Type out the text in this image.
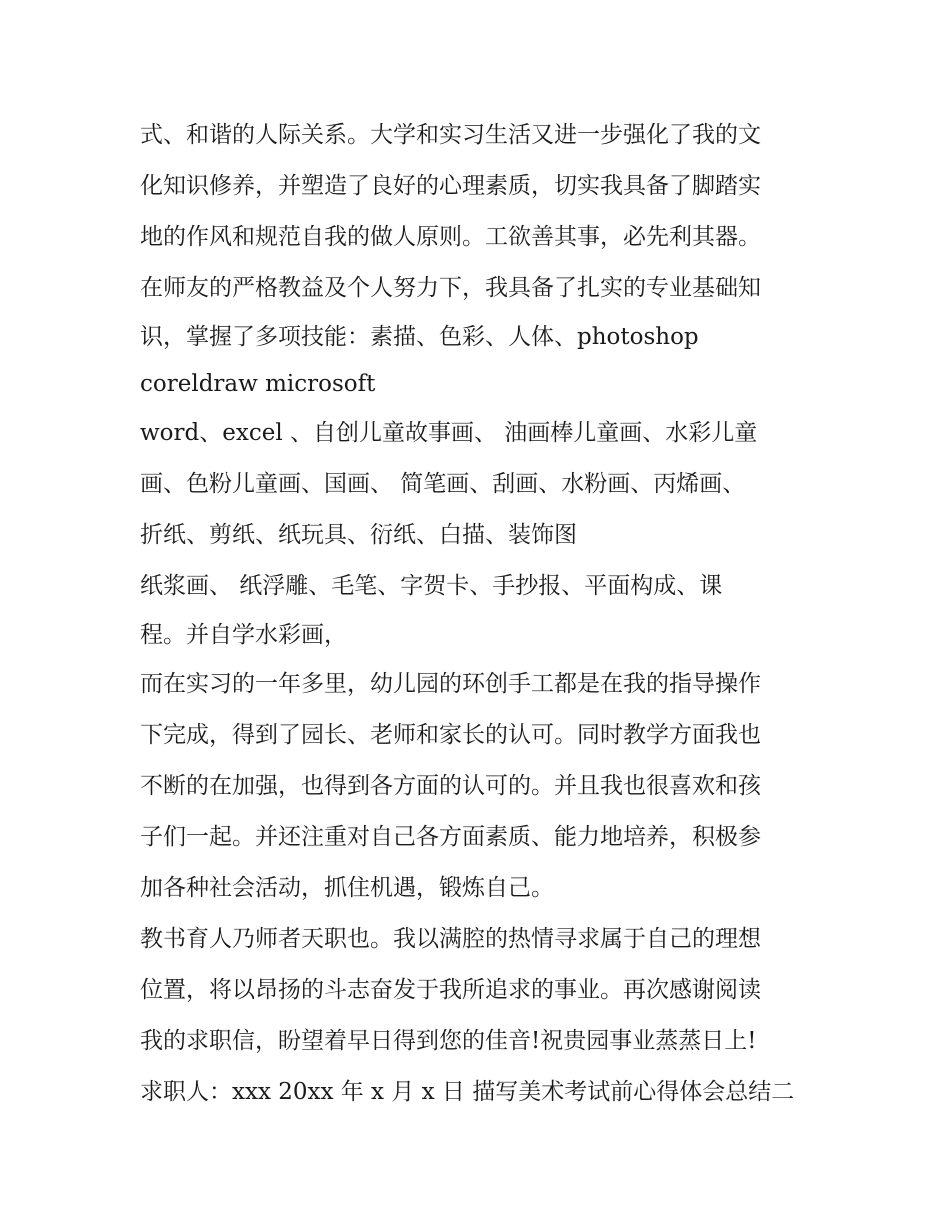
式、和谐的人际关系。大学和实习生活又进一步强化了我的文
化知识修养，并塑造了良好的心理素质，切实我具备了脚踏实
地的作风和规范自我的做人原则。工欲善其事，必先利其器。
在师友的严格教益及个人努力下，我具备了扎实的专业基础知
识，掌握了多项技能：素描、色彩、人体、photoshop
coreldraw microsoft
word、excel 、自创儿童故事画、 油画棒儿童画、水彩儿童
画、色粉儿童画、国画、 简笔画、刮画、水粉画、丙烯画、
折纸、剪纸、纸玩具、衍纸、白描、装饰图
纸浆画、 纸浮雕、毛笔、字贺卡、手抄报、平面构成、课
程。并自学水彩画，
而在实习的一年多里，幼儿园的环创手工都是在我的指导操作
下完成，得到了园长、老师和家长的认可。同时教学方面我也
不断的在加强，也得到各方面的认可的。并且我也很喜欢和孩
子们一起。并还注重对自己各方面素质、能力地培养，积极参
加各种社会活动，抓住机遇，锻炼自己。
教书育人乃师者天职也。我以满腔的热情寻求属于自己的理想
位置，将以昂扬的斗志奋发于我所追求的事业。再次感谢阅读
我的求职信，盼望着早日得到您的佳音!祝贵园事业蒸蒸日上!
求职人：xxx 20xx 年 x 月 x 日 描写美术考试前心得体会总结二
